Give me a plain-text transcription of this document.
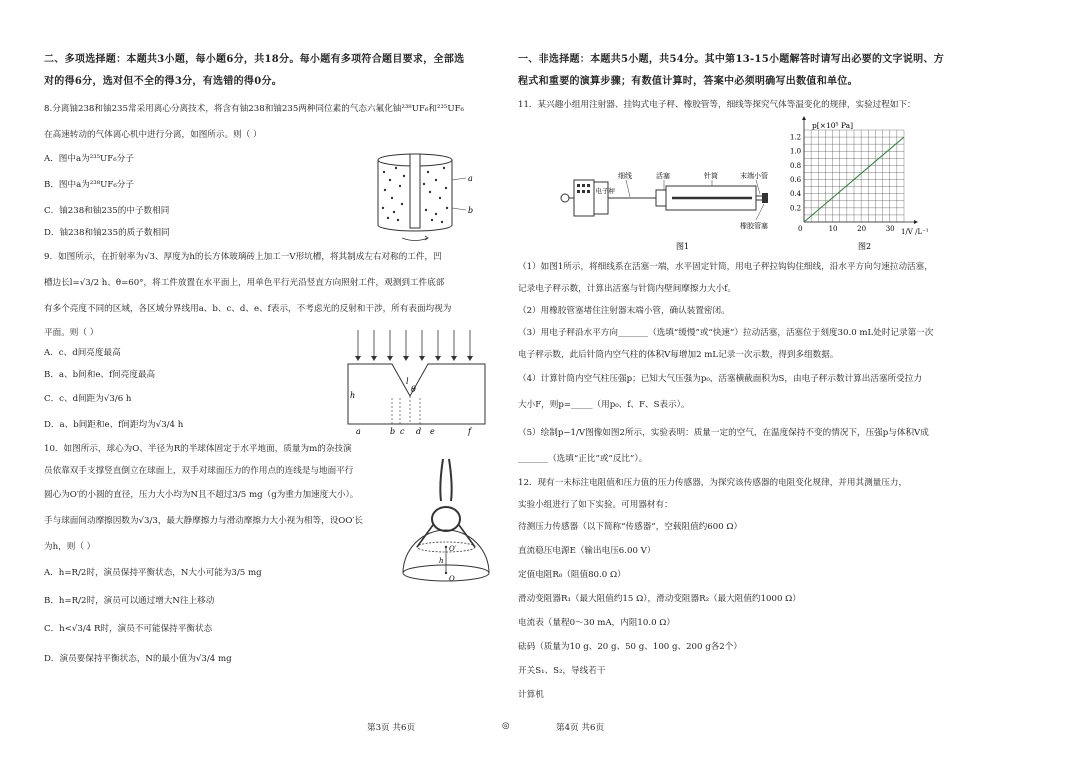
二、多项选择题：本题共3小题，每小题6分，共18分。每小题有多项符合题目要求，全部选
对的得6分，选对但不全的得3分，有选错的得0分。
8.分离铀238和铀235常采用离心分离技术，将含有铀238和铀235两种同位素的气态六氟化铀²³⁸UF₆和²³⁵UF₆
在高速转动的气体离心机中进行分离，如图所示。则（ ）
A．图中a为²³⁵UF₆分子
B．图中a为²³⁸UF₆分子
C．铀238和铀235的中子数相同
D．铀238和铀235的质子数相同
9．如图所示，在折射率为√3、厚度为h的长方体玻璃砖上加工一V形坑槽，将其制成左右对称的工件，凹
槽边长l=√3/2 h、θ=60°，将工件放置在水平面上，用单色平行光沿竖直方向照射工件，观测到工件底部
有多个亮度不同的区域，各区域分界线用a、b、c、d、e、f表示，不考虑光的反射和干涉，所有表面均视为
平面。则（ ）
A．c、d间亮度最高
B．a、b间和e、f间亮度最高
C．c、d间距为√3/6 h
D．a、b间距和e、f间距均为√3/4 h
10．如图所示，球心为O、半径为R的半球体固定于水平地面，质量为m的杂技演
员依靠双手支撑竖直倒立在球面上，双手对球面压力的作用点的连线是与地面平行
圆心为O′的小圆的直径，压力大小均为N且不超过3/5 mg（g为重力加速度大小）。
手与球面间动摩擦因数为√3/3，最大静摩擦力与滑动摩擦力大小视为相等，设OO′长
为h，则（ ）
A．h=R/2时，演员保持平衡状态，N大小可能为3/5 mg
B．h=R/2时，演员可以通过增大N往上移动
C．h<√3/4 R时，演员不可能保持平衡状态
D．演员要保持平衡状态，N的最小值为√3/4 mg
a
b
h
l
θ
a	b c d e	f
O′
O
h
一、非选择题：本题共5小题，共54分。其中第13-15小题解答时请写出必要的文字说明、方
程式和重要的演算步骤；有数值计算时，答案中必须明确写出数值和单位。
11．某兴趣小组用注射器、挂钩式电子秤、橡胶管等，细线等探究气体等温变化的规律，实验过程如下：
（1）如图1所示，将细线系在活塞一端，水平固定针筒，用电子秤拉钩钩住细线，沿水平方向匀速拉动活塞，
记录电子秤示数，计算出活塞与针筒内壁间摩擦力大小f。
（2）用橡胶管塞堵住注射器末端小管，确认装置密闭。
（3）用电子秤沿水平方向_______（选填“缓慢”或“快速”）拉动活塞，活塞位于刻度30.0 mL处时记录第一次
电子秤示数，此后针筒内空气柱的体积V每增加2 mL记录一次示数，得到多组数据。
（4）计算针筒内空气柱压强p；已知大气压强为p₀，活塞横截面积为S，由电子秤示数计算出活塞所受拉力
大小F，则p=_____（用p₀、f、F、S表示）。
（5）绘制p−1/V图像如图2所示，实验表明：质量一定的空气，在温度保持不变的情况下，压强p与体积V成
_______（选填“正比”或“反比”）。
12．现有一未标注电阻值和压力值的压力传感器，为探究该传感器的电阻变化规律，并用其测量压力，
实验小组进行了如下实验。可用器材有：
待测压力传感器（以下简称“传感器”，空载阻值约600 Ω）
直流稳压电源E（输出电压6.00 V）
定值电阻R₀（阻值80.0 Ω）
滑动变阻器R₁（最大阻值约15 Ω），滑动变阻器R₂（最大阻值约1000 Ω）
电流表（量程0～30 mA，内阻10.0 Ω）
砝码（质量为10 g、20 g、50 g、100 g、200 g各2个）
开关S₁、S₂，导线若干
计算机
电子秤
细线	活塞	针筒	末端小管
橡胶管塞
图1
0	10	20	30
0.2
0.4
0.6
0.8
1.0
1.2
p[×10⁵ Pa]
1/V /L⁻¹
图2
第3页 共6页	◎	第4页 共6页
